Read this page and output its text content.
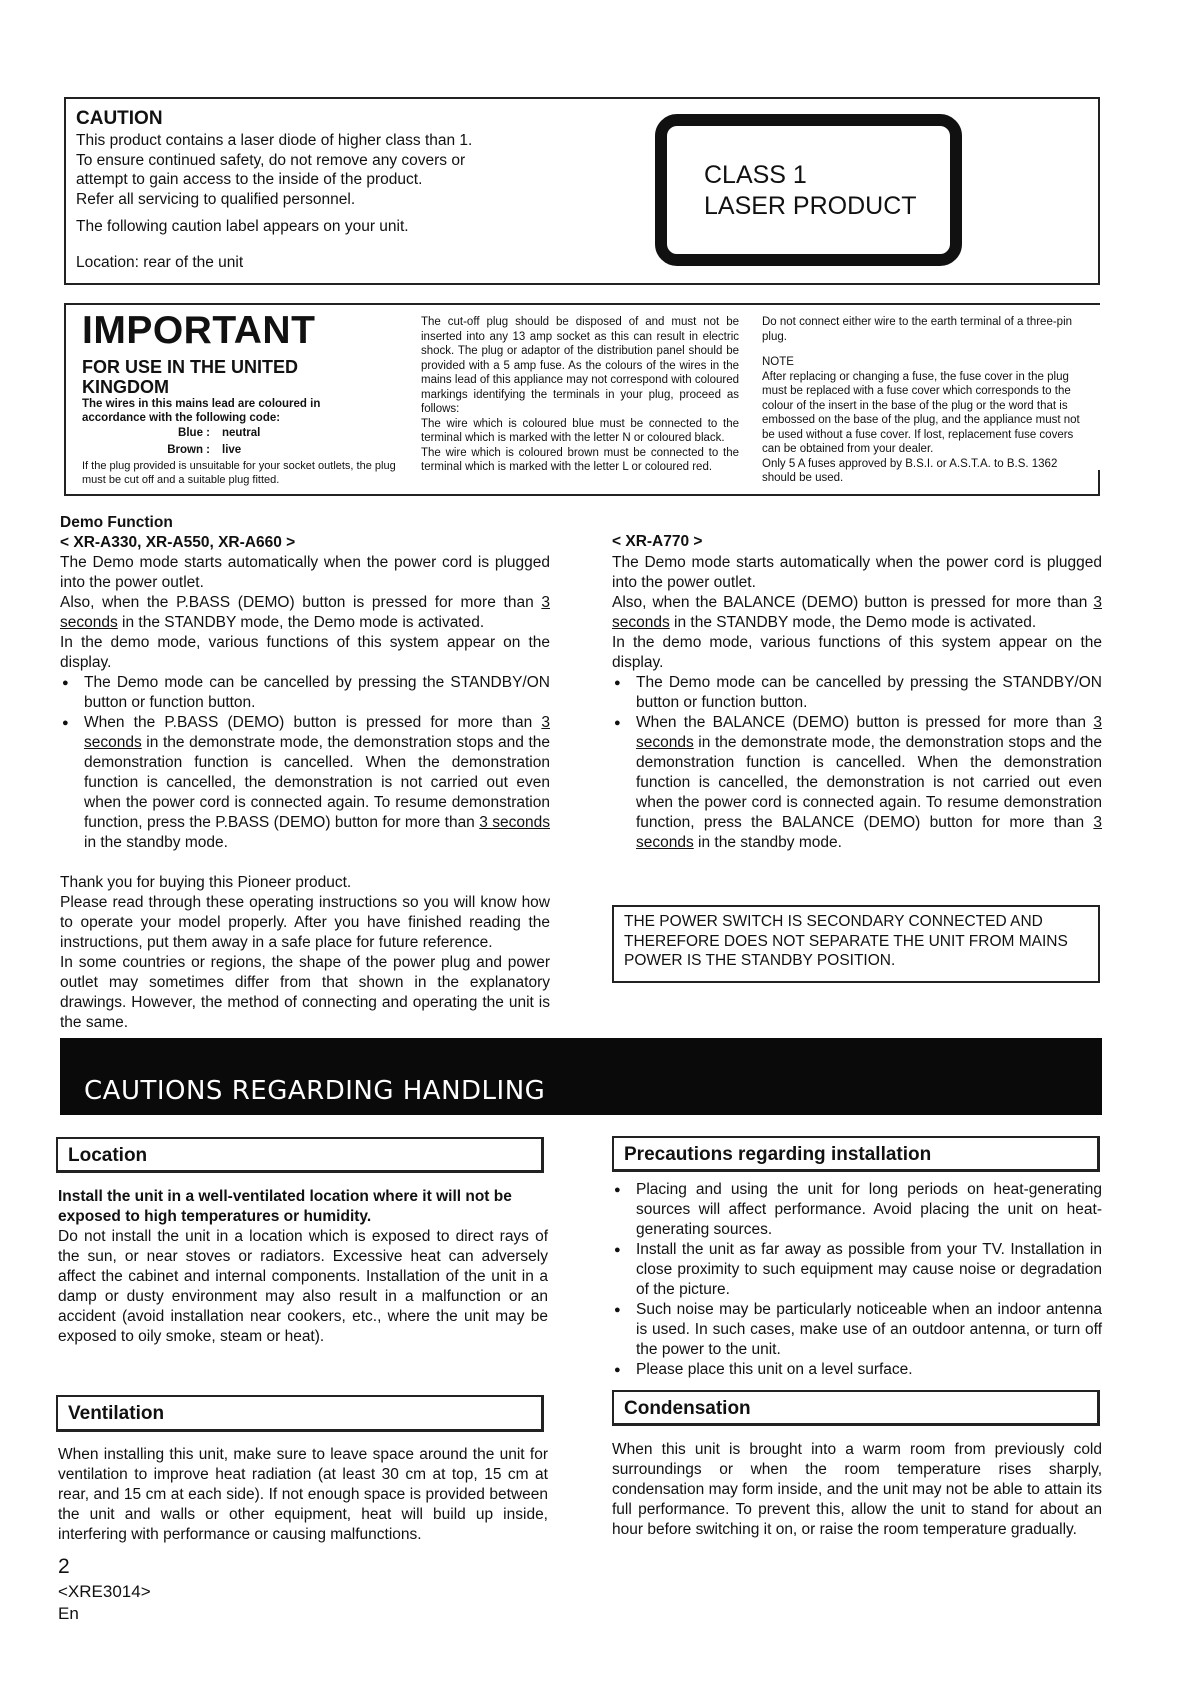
CAUTION

This product contains a laser diode of higher class than 1.

To ensure continued safety, do not remove any covers or

attempt to gain access to the inside of the product.

Refer all servicing to qualified personnel.

The following caution label appears on your unit.

Location: rear of the unit
CLASS 1
LASER PRODUCT
IMPORTANT
FOR USE IN THE UNITED KINGDOM
The wires in this mains lead are coloured in accordance with the following code:
Blue :	neutral
Brown :	live
If the plug provided is unsuitable for your socket outlets, the plug must be cut off and a suitable plug fitted.

The cut-off plug should be disposed of and must not be inserted into any 13 amp socket as this can result in electric shock. The plug or adaptor of the distribution panel should be provided with a 5 amp fuse. As the colours of the wires in the mains lead of this appliance may not correspond with coloured markings identifying the terminals in your plug, proceed as follows:

The wire which is coloured blue must be connected to the terminal which is marked with the letter N or coloured black.

The wire which is coloured brown must be connected to the terminal which is marked with the letter L or coloured red.

Do not connect either wire to the earth terminal of a three-pin plug.

NOTE

After replacing or changing a fuse, the fuse cover in the plug must be replaced with a fuse cover which corresponds to the colour of the insert in the base of the plug or the word that is embossed on the base of the plug, and the appliance must not be used without a fuse cover. If lost, replacement fuse covers can be obtained from your dealer.

Only 5 A fuses approved by B.S.I. or A.S.T.A. to B.S. 1362 should be used.

Demo Function
< XR-A330, XR-A550, XR-A660 >

The Demo mode starts automatically when the power cord is plugged into the power outlet.

Also, when the P.BASS (DEMO) button is pressed for more than 3 seconds in the STANDBY mode, the Demo mode is activated.

In the demo mode, various functions of this system appear on the display.

● The Demo mode can be cancelled by pressing the STANDBY/ON button or function button.

● When the P.BASS (DEMO) button is pressed for more than 3 seconds in the demonstrate mode, the demonstration stops and the demonstration function is cancelled. When the demonstration function is cancelled, the demonstration is not carried out even when the power cord is connected again. To resume demonstration function, press the P.BASS (DEMO) button for more than 3 seconds in the standby mode.

< XR-A770 >

The Demo mode starts automatically when the power cord is plugged into the power outlet.

Also, when the BALANCE (DEMO) button is pressed for more than 3 seconds in the STANDBY mode, the Demo mode is activated.

In the demo mode, various functions of this system appear on the display.

● The Demo mode can be cancelled by pressing the STANDBY/ON button or function button.

● When the BALANCE (DEMO) button is pressed for more than 3 seconds in the demonstrate mode, the demonstration stops and the demonstration function is cancelled. When the demonstration function is cancelled, the demonstration is not carried out even when the power cord is connected again. To resume demonstration function, press the BALANCE (DEMO) button for more than 3 seconds in the standby mode.

Thank you for buying this Pioneer product.

Please read through these operating instructions so you will know how to operate your model properly. After you have finished reading the instructions, put them away in a safe place for future reference.

In some countries or regions, the shape of the power plug and power outlet may sometimes differ from that shown in the explanatory drawings. However, the method of connecting and operating the unit is the same.

THE POWER SWITCH IS SECONDARY CONNECTED AND THEREFORE DOES NOT SEPARATE THE UNIT FROM MAINS POWER IS THE STANDBY POSITION.
CAUTIONS REGARDING HANDLING
Location
Install the unit in a well-ventilated location where it will not be exposed to high temperatures or humidity.
Do not install the unit in a location which is exposed to direct rays of the sun, or near stoves or radiators. Excessive heat can adversely affect the cabinet and internal components. Installation of the unit in a damp or dusty environment may also result in a malfunction or an accident (avoid installation near cookers, etc., where the unit may be exposed to oily smoke, steam or heat).
Precautions regarding installation

● Placing and using the unit for long periods on heat-generating sources will affect performance. Avoid placing the unit on heat-generating sources.

● Install the unit as far away as possible from your TV. Installation in close proximity to such equipment may cause noise or degradation of the picture.

● Such noise may be particularly noticeable when an indoor antenna is used. In such cases, make use of an outdoor antenna, or turn off the power to the unit.

● Please place this unit on a level surface.

Ventilation
When installing this unit, make sure to leave space around the unit for ventilation to improve heat radiation (at least 30 cm at top, 15 cm at rear, and 15 cm at each side). If not enough space is provided between the unit and walls or other equipment, heat will build up inside, interfering with performance or causing malfunctions.
Condensation
When this unit is brought into a warm room from previously cold surroundings or when the room temperature rises sharply, condensation may form inside, and the unit may not be able to attain its full performance. To prevent this, allow the unit to stand for about an hour before switching it on, or raise the room temperature gradually.
2
<XRE3014>
En
